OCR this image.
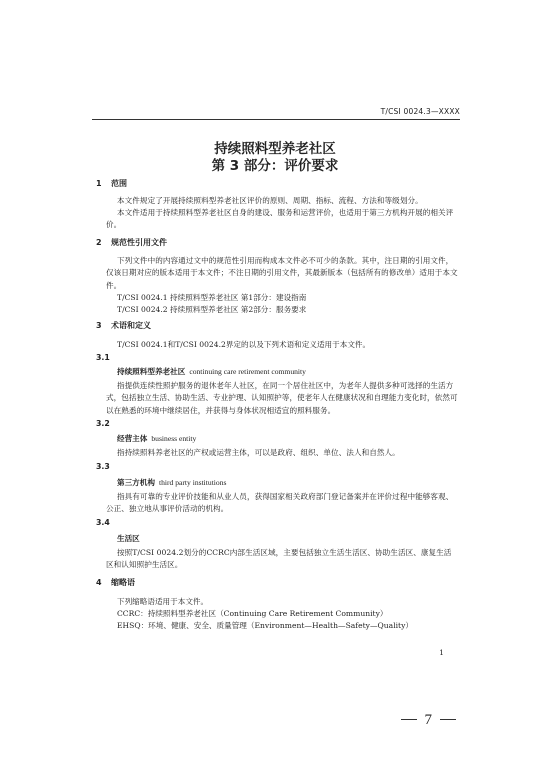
T/CSI 0024.3—XXXX
持续照料型养老社区
第 3 部分：评价要求
1 范围
本文件规定了开展持续照料型养老社区评价的原则、周期、指标、流程、方法和等级划分。
本文件适用于持续照料型养老社区自身的建设、服务和运营评价，也适用于第三方机构开展的相关评价。
2 规范性引用文件
下列文件中的内容通过文中的规范性引用而构成本文件必不可少的条款。其中，注日期的引用文件，仅该日期对应的版本适用于本文件；不注日期的引用文件，其最新版本（包括所有的修改单）适用于本文件。
T/CSI 0024.1 持续照料型养老社区 第1部分：建设指南
T/CSI 0024.2 持续照料型养老社区 第2部分：服务要求
3 术语和定义
T/CSI 0024.1和T/CSI 0024.2界定的以及下列术语和定义适用于本文件。
3.1
持续照料型养老社区 continuing care retirement community
指提供连续性照护服务的退休老年人社区，在同一个居住社区中，为老年人提供多种可选择的生活方式，包括独立生活、协助生活、专业护理、认知照护等，使老年人在健康状况和自理能力变化时，依然可以在熟悉的环境中继续居住，并获得与身体状况相适宜的照料服务。
3.2
经营主体 business entity
指持续照料养老社区的产权或运营主体，可以是政府、组织、单位、法人和自然人。
3.3
第三方机构 third party institutions
指具有可靠的专业评价技能和从业人员，获得国家相关政府部门登记备案并在评价过程中能够客观、公正、独立地从事评价活动的机构。
3.4
生活区
按照T/CSI 0024.2划分的CCRC内部生活区域，主要包括独立生活生活区、协助生活区、康复生活区和认知照护生活区。
4 缩略语
下列缩略语适用于本文件。
CCRC：持续照料型养老社区（Continuing Care Retirement Community）
EHSQ：环境、健康、安全、质量管理（Environment—Health—Safety—Quality）
1
7
